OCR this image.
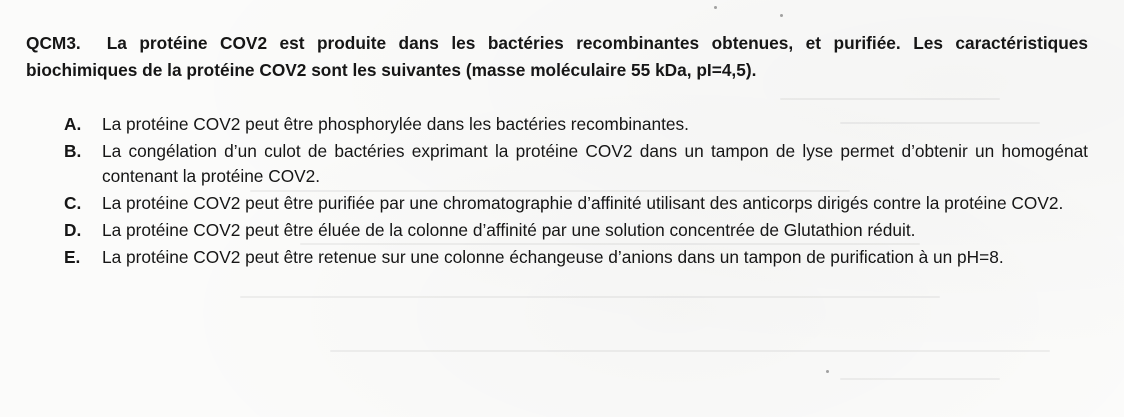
QCM3. La protéine COV2 est produite dans les bactéries recombinantes obtenues, et purifiée. Les caractéristiques biochimiques de la protéine COV2 sont les suivantes (masse moléculaire 55 kDa, pI=4,5).
A. La protéine COV2 peut être phosphorylée dans les bactéries recombinantes.
B. La congélation d’un culot de bactéries exprimant la protéine COV2 dans un tampon de lyse permet d’obtenir un homogénat contenant la protéine COV2.
C. La protéine COV2 peut être purifiée par une chromatographie d’affinité utilisant des anticorps dirigés contre la protéine COV2.
D. La protéine COV2 peut être éluée de la colonne d’affinité par une solution concentrée de Glutathion réduit.
E. La protéine COV2 peut être retenue sur une colonne échangeuse d’anions dans un tampon de purification à un pH=8.
